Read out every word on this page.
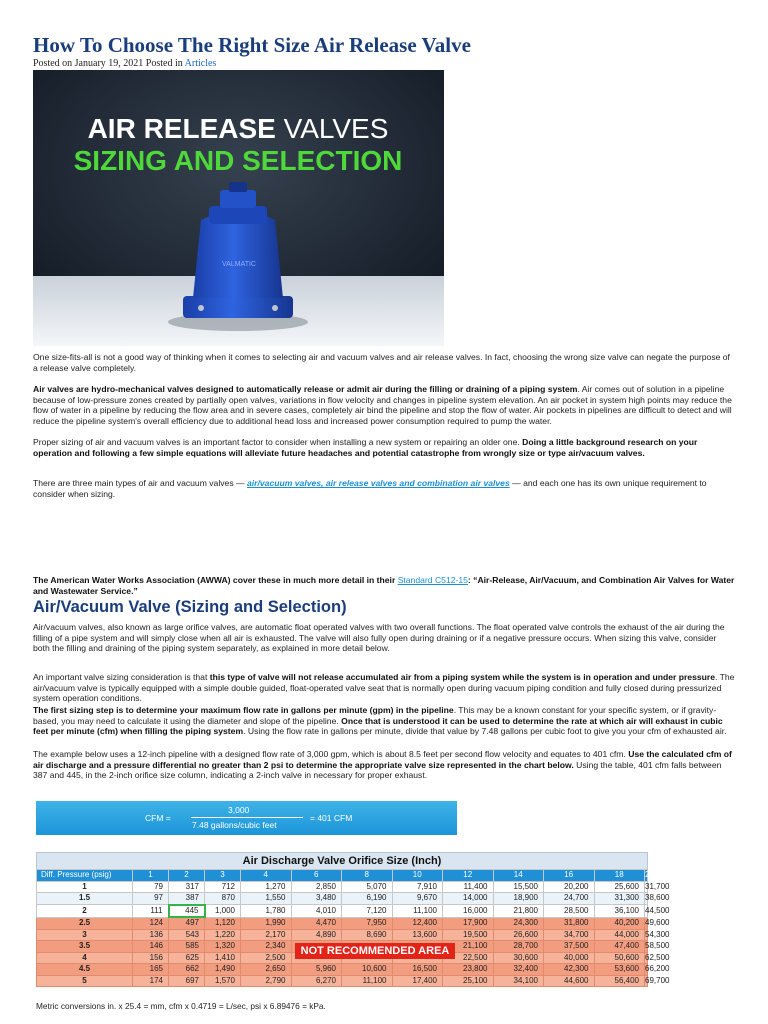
How To Choose The Right Size Air Release Valve
Posted on January 19, 2021 Posted in Articles
AIR RELEASE VALVES
SIZING AND SELECTION
VALMATIC

One size-fits-all is not a good way of thinking when it comes to selecting air and vacuum valves and air release valves. In fact, choosing the wrong size valve can negate the purpose of a release valve completely.

Air valves are hydro-mechanical valves designed to automatically release or admit air during the filling or draining of a piping system. Air comes out of solution in a pipeline because of low-pressure zones created by partially open valves, variations in flow velocity and changes in pipeline system elevation. An air pocket in system high points may reduce the flow of water in a pipeline by reducing the flow area and in severe cases, completely air bind the pipeline and stop the flow of water. Air pockets in pipelines are difficult to detect and will reduce the pipeline system's overall efficiency due to additional head loss and increased power consumption required to pump the water.

Proper sizing of air and vacuum valves is an important factor to consider when installing a new system or repairing an older one. Doing a little background research on your operation and following a few simple equations will alleviate future headaches and potential catastrophe from wrongly size or type air/vacuum valves.

There are three main types of air and vacuum valves — air/vacuum valves, air release valves and combination air valves — and each one has its own unique requirement to consider when sizing.

The American Water Works Association (AWWA) cover these in much more detail in their Standard C512-15: “Air-Release, Air/Vacuum, and Combination Air Valves for Water and Wastewater Service.”

Air/Vacuum Valve (Sizing and Selection)

Air/vacuum valves, also known as large orifice valves, are automatic float operated valves with two overall functions. The float operated valve controls the exhaust of the air during the filling of a pipe system and will simply close when all air is exhausted. The valve will also fully open during draining or if a negative pressure occurs. When sizing this valve, consider both the filling and draining of the piping system separately, as explained in more detail below.

An important valve sizing consideration is that this type of valve will not release accumulated air from a piping system while the system is in operation and under pressure. The air/vacuum valve is typically equipped with a simple double guided, float-operated valve seat that is normally open during vacuum piping condition and fully closed during pressurized system operation conditions.

The first sizing step is to determine your maximum flow rate in gallons per minute (gpm) in the pipeline. This may be a known constant for your specific system, or if gravity-based, you may need to calculate it using the diameter and slope of the pipeline. Once that is understood it can be used to determine the rate at which air will exhaust in cubic feet per minute (cfm) when filling the piping system. Using the flow rate in gallons per minute, divide that value by 7.48 gallons per cubic foot to give you your cfm of exhausted air.

The example below uses a 12-inch pipeline with a designed flow rate of 3,000 gpm, which is about 8.5 feet per second flow velocity and equates to 401 cfm. Use the calculated cfm of air discharge and a pressure differential no greater than 2 psi to determine the appropriate valve size represented in the chart below. Using the table, 401 cfm falls between 387 and 445, in the 2-inch orifice size column, indicating a 2-inch valve in necessary for proper exhaust.

CFM =
3,000
7.48 gallons/cubic feet
= 401 CFM
Air Discharge Valve Orifice Size (Inch)
Diff. Pressure (psig)	1	2	3	4	6	8	10	12	14	16	18	20
1	79	317	712	1,270	2,850	5,070	7,910	11,400	15,500	20,200	25,600	31,700
1.5	97	387	870	1,550	3,480	6,190	9,670	14,000	18,900	24,700	31,300	38,600
2	111	445	1,000	1,780	4,010	7,120	11,100	16,000	21,800	28,500	36,100	44,500
2.5	124	497	1,120	1,990	4,470	7,950	12,400	17,900	24,300	31,800	40,200	49,600
3	136	543	1,220	2,170	4,890	8,690	13,600	19,500	26,600	34,700	44,000	54,300
3.5	146	585	1,320	2,340				21,100	28,700	37,500	47,400	58,500
4	156	625	1,410	2,500				22,500	30,600	40,000	50,600	62,500
4.5	165	662	1,490	2,650	5,960	10,600	16,500	23,800	32,400	42,300	53,600	66,200
5	174	697	1,570	2,790	6,270	11,100	17,400	25,100	34,100	44,600	56,400	69,700
NOT RECOMMENDED AREA
Metric conversions in. x 25.4 = mm, cfm x 0.4719 = L/sec, psi x 6.89476 = kPa.
